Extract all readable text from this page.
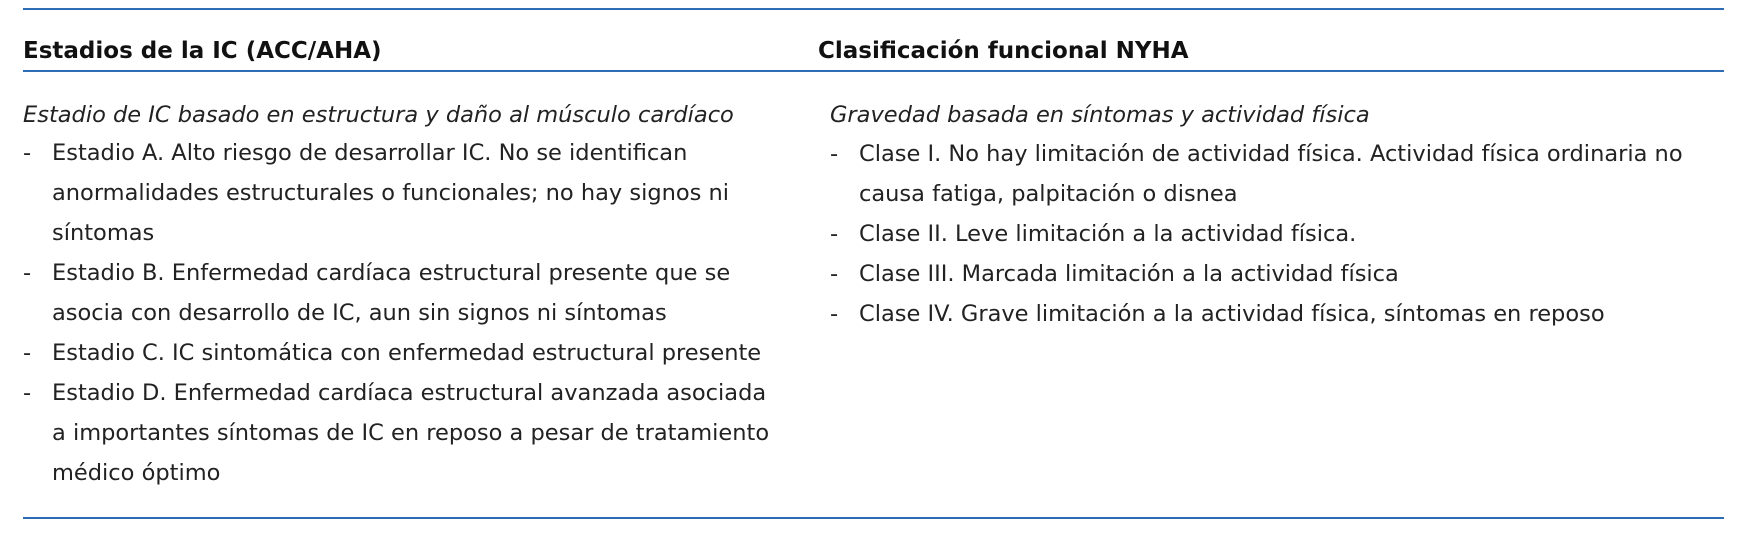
Estadios de la IC (ACC/AHA)	Clasificación funcional NYHA
Estadio de IC basado en estructura y daño al músculo cardíaco
- Estadio A. Alto riesgo de desarrollar IC. No se identifican anormalidades estructurales o funcionales; no hay signos ni síntomas
- Estadio B. Enfermedad cardíaca estructural presente que se asocia con desarrollo de IC, aun sin signos ni síntomas
- Estadio C. IC sintomática con enfermedad estructural presente
- Estadio D. Enfermedad cardíaca estructural avanzada asociada a importantes síntomas de IC en reposo a pesar de tratamiento médico óptimo
Gravedad basada en síntomas y actividad física
- Clase I. No hay limitación de actividad física. Actividad física ordinaria no causa fatiga, palpitación o disnea
- Clase II. Leve limitación a la actividad física.
- Clase III. Marcada limitación a la actividad física
- Clase IV. Grave limitación a la actividad física, síntomas en reposo
